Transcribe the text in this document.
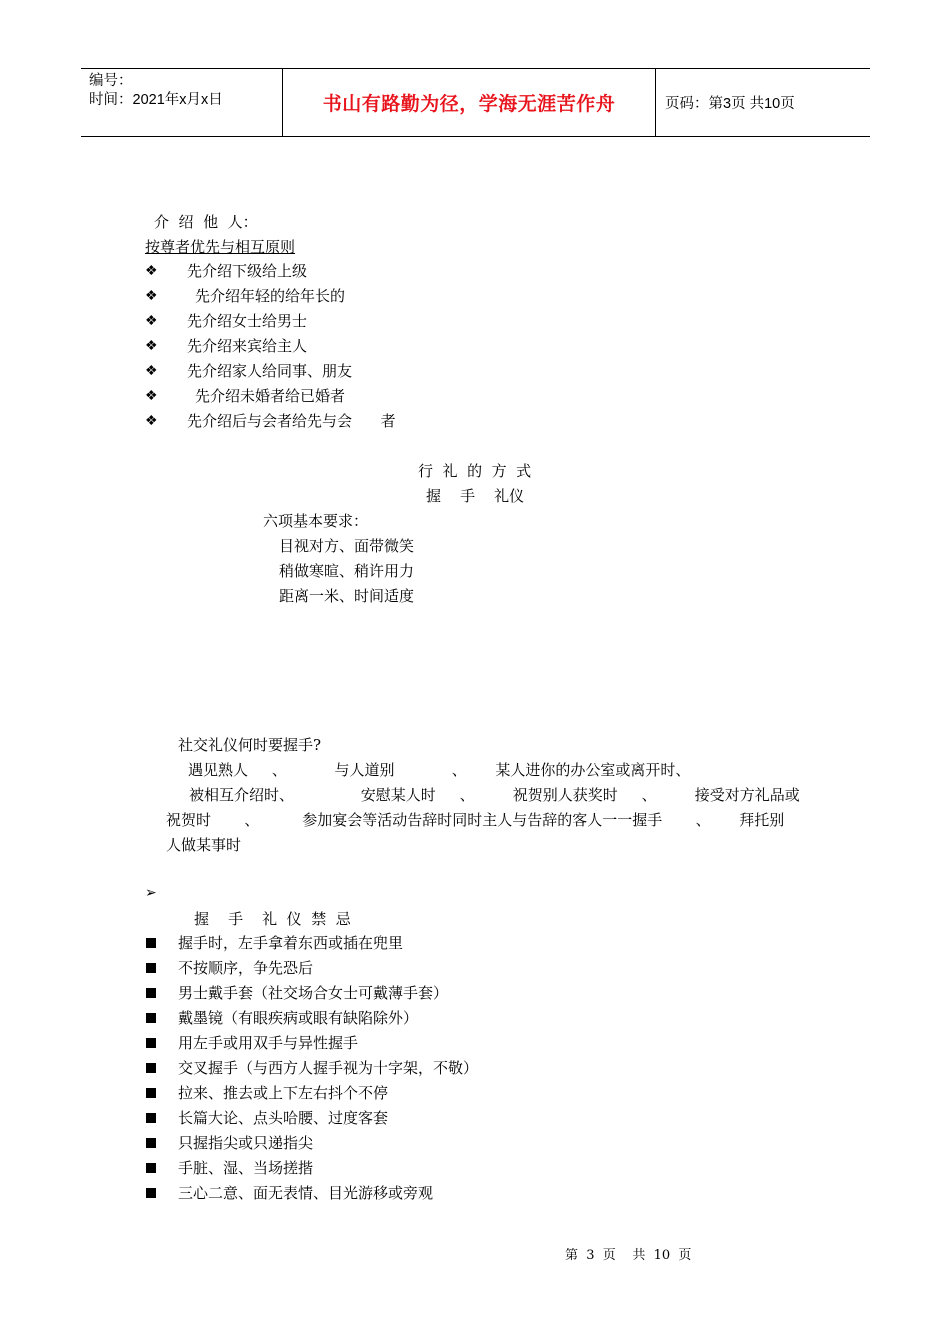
编号：
时间：2021年x月x日	书山有路勤为径，学海无涯苦作舟	页码：第3页 共10页
介  绍  他  人：
按尊者优先与相互原则
❖ 先介绍下级给上级
❖ 先介绍年轻的给年长的
❖ 先介绍女士给男士
❖ 先介绍来宾给主人
❖ 先介绍家人给同事、朋友
❖ 先介绍未婚者给已婚者
❖ 先介绍后与会者给先与会      者
行  礼  的  方  式
握    手    礼仪
六项基本要求：
目视对方、面带微笑
稍做寒暄、稍许用力
距离一米、时间适度
社交礼仪何时要握手?
遇见熟人     、          与人道别            、      某人进你的办公室或离开时、
被相互介绍时、              安慰某人时     、        祝贺别人获奖时     、        接受对方礼品或
祝贺时       、         参加宴会等活动告辞时同时主人与告辞的客人一一握手       、      拜托别
人做某事时
➢
握    手    礼  仪  禁  忌
握手时，左手拿着东西或插在兜里
不按顺序，争先恐后
男士戴手套（社交场合女士可戴薄手套）
戴墨镜（有眼疾病或眼有缺陷除外）
用左手或用双手与异性握手
交叉握手（与西方人握手视为十字架，不敬）
拉来、推去或上下左右抖个不停
长篇大论、点头哈腰、过度客套
只握指尖或只递指尖
手脏、湿、当场搓揩
三心二意、面无表情、目光游移或旁观
第  3  页    共  10  页
